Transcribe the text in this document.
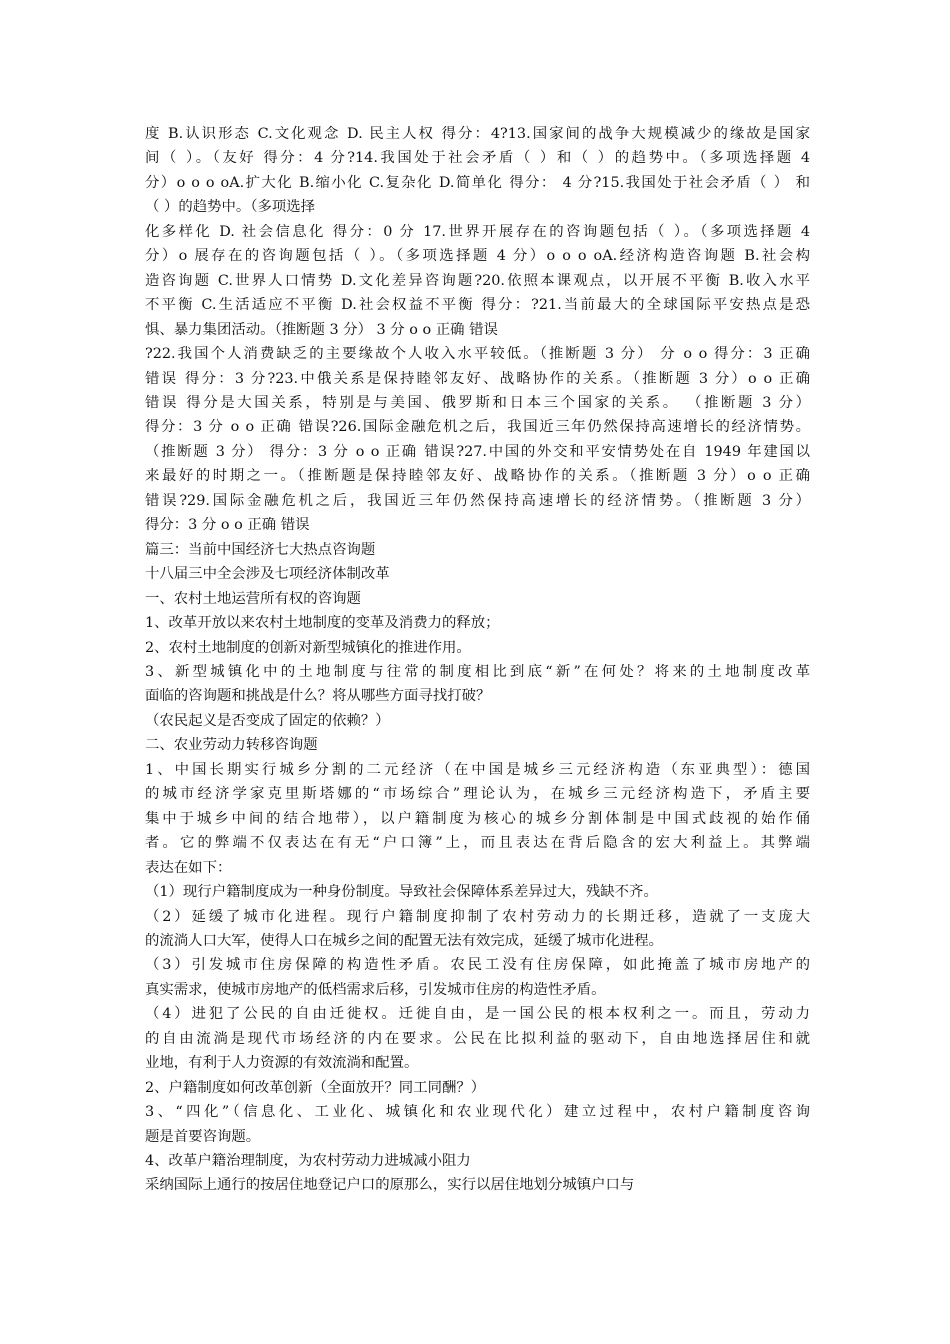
度 B.认识形态 C.文化观念 D. 民主人权 得分：4?13.国家间的战争大规模减少的缘故是国家
间（ ）。（友好 得分：4 分?14.我国处于社会矛盾（ ）和（ ）的趋势中。（多项选择题 4
分）o o o oA.扩大化 B.缩小化 C.复杂化 D.简单化 得分： 4 分?15.我国处于社会矛盾（ ） 和
（ ）的趋势中。（多项选择
化多样化 D. 社会信息化 得分：0 分 17.世界开展存在的咨询题包括（ ）。（多项选择题 4
分）o 展存在的咨询题包括（ ）。（多项选择题 4 分）o o o oA.经济构造咨询题 B.社会构
造咨询题 C.世界人口情势 D.文化差异咨询题?20.依照本课观点，以开展不平衡 B.收入水平
不平衡 C.生活适应不平衡 D.社会权益不平衡 得分：?21.当前最大的全球国际平安热点是恐
惧、暴力集团活动。（推断题 3 分） 3 分 o o 正确 错误
?22.我国个人消费缺乏的主要缘故个人收入水平较低。（推断题 3 分） 分 o o 得分：3 正确
错误 得分：3 分?23.中俄关系是保持睦邻友好、战略协作的关系。（推断题 3 分）o o 正确
错误 得分是大国关系，特别是与美国、俄罗斯和日本三个国家的关系。 （推断题 3 分）
得分：3 分 o o 正确 错误?26.国际金融危机之后，我国近三年仍然保持高速增长的经济情势。
（推断题 3 分） 得分：3 分 o o 正确 错误?27.中国的外交和平安情势处在自 1949 年建国以
来最好的时期之一。（推断题是保持睦邻友好、战略协作的关系。（推断题 3 分）o o 正确
错误?29.国际金融危机之后，我国近三年仍然保持高速增长的经济情势。（推断题 3 分）
得分：3 分 o o 正确 错误
篇三：当前中国经济七大热点咨询题
十八届三中全会涉及七项经济体制改革
一、农村土地运营所有权的咨询题
1、改革开放以来农村土地制度的变革及消费力的释放；
2、农村土地制度的创新对新型城镇化的推进作用。
3、新型城镇化中的土地制度与往常的制度相比到底“新”在何处？将来的土地制度改革
面临的咨询题和挑战是什么？将从哪些方面寻找打破？
（农民起义是否变成了固定的依赖？）
二、农业劳动力转移咨询题
1、中国长期实行城乡分割的二元经济（在中国是城乡三元经济构造（东亚典型）：德国
的城市经济学家克里斯塔娜的“市场综合”理论认为，在城乡三元经济构造下，矛盾主要
集中于城乡中间的结合地带），以户籍制度为核心的城乡分割体制是中国式歧视的始作俑
者。它的弊端不仅表达在有无“户口簿”上，而且表达在背后隐含的宏大利益上。其弊端
表达在如下：
（1）现行户籍制度成为一种身份制度。导致社会保障体系差异过大，残缺不齐。
（2）延缓了城市化进程。现行户籍制度抑制了农村劳动力的长期迁移，造就了一支庞大
的流淌人口大军，使得人口在城乡之间的配置无法有效完成，延缓了城市化进程。
（3）引发城市住房保障的构造性矛盾。农民工没有住房保障，如此掩盖了城市房地产的
真实需求，使城市房地产的低档需求后移，引发城市住房的构造性矛盾。
（4）进犯了公民的自由迁徙权。迁徙自由，是一国公民的根本权利之一。而且，劳动力
的自由流淌是现代市场经济的内在要求。公民在比拟利益的驱动下，自由地选择居住和就
业地，有利于人力资源的有效流淌和配置。
2、户籍制度如何改革创新（全面放开？同工同酬？）
3、“四化”（信息化、工业化、城镇化和农业现代化）建立过程中，农村户籍制度咨询
题是首要咨询题。
4、改革户籍治理制度，为农村劳动力进城减小阻力
采纳国际上通行的按居住地登记户口的原那么，实行以居住地划分城镇户口与
